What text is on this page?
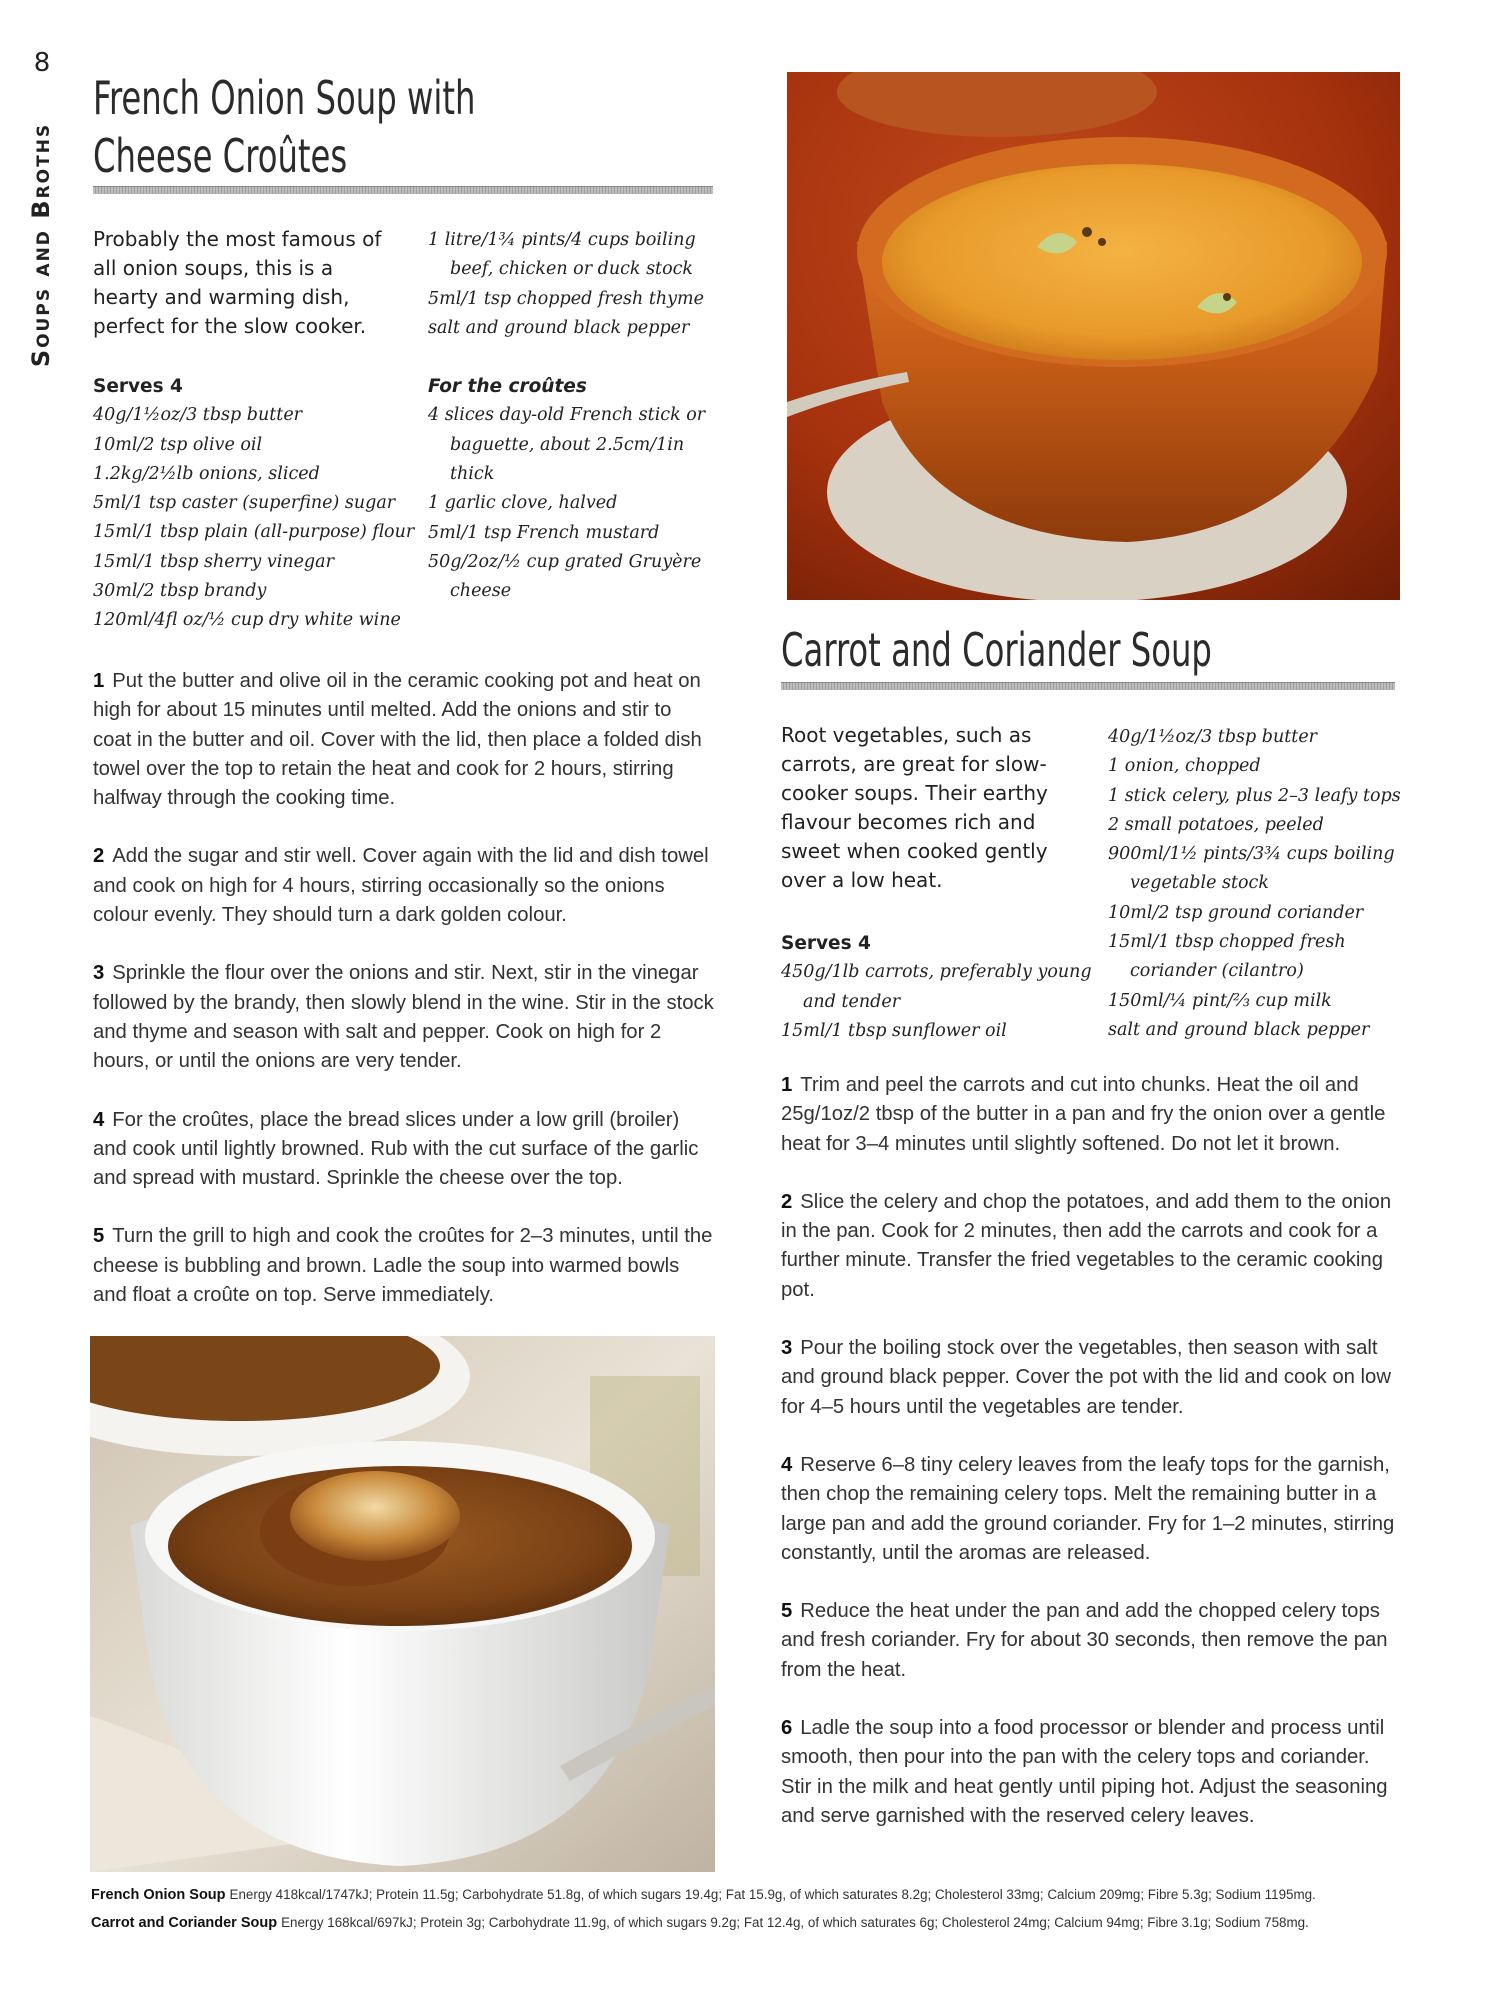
8
Soups and Broths
French Onion Soup with
Cheese Croûtes
Probably the most famous of all onion soups, this is a hearty and warming dish, perfect for the slow cooker.
Serves 4
40g/1½oz/3 tbsp butter
10ml/2 tsp olive oil
1.2kg/2½lb onions, sliced
5ml/1 tsp caster (superfine) sugar
15ml/1 tbsp plain (all-purpose) flour
15ml/1 tbsp sherry vinegar
30ml/2 tbsp brandy
120ml/4fl oz/½ cup dry white wine
1 litre/1¾ pints/4 cups boiling beef, chicken or duck stock
5ml/1 tsp chopped fresh thyme
salt and ground black pepper
For the croûtes
4 slices day-old French stick or baguette, about 2.5cm/1in thick
1 garlic clove, halved
5ml/1 tsp French mustard
50g/2oz/½ cup grated Gruyère cheese
1 Put the butter and olive oil in the ceramic cooking pot and heat on high for about 15 minutes until melted. Add the onions and stir to coat in the butter and oil. Cover with the lid, then place a folded dish towel over the top to retain the heat and cook for 2 hours, stirring halfway through the cooking time.
2 Add the sugar and stir well. Cover again with the lid and dish towel and cook on high for 4 hours, stirring occasionally so the onions colour evenly. They should turn a dark golden colour.
3 Sprinkle the flour over the onions and stir. Next, stir in the vinegar followed by the brandy, then slowly blend in the wine. Stir in the stock and thyme and season with salt and pepper. Cook on high for 2 hours, or until the onions are very tender.
4 For the croûtes, place the bread slices under a low grill (broiler) and cook until lightly browned. Rub with the cut surface of the garlic and spread with mustard. Sprinkle the cheese over the top.
5 Turn the grill to high and cook the croûtes for 2–3 minutes, until the cheese is bubbling and brown. Ladle the soup into warmed bowls and float a croûte on top. Serve immediately.
Carrot and Coriander Soup
Root vegetables, such as carrots, are great for slow-cooker soups. Their earthy flavour becomes rich and sweet when cooked gently over a low heat.
Serves 4
450g/1lb carrots, preferably young and tender
15ml/1 tbsp sunflower oil
40g/1½oz/3 tbsp butter
1 onion, chopped
1 stick celery, plus 2–3 leafy tops
2 small potatoes, peeled
900ml/1½ pints/3¾ cups boiling vegetable stock
10ml/2 tsp ground coriander
15ml/1 tbsp chopped fresh coriander (cilantro)
150ml/¼ pint/⅔ cup milk
salt and ground black pepper
1 Trim and peel the carrots and cut into chunks. Heat the oil and 25g/1oz/2 tbsp of the butter in a pan and fry the onion over a gentle heat for 3–4 minutes until slightly softened. Do not let it brown.
2 Slice the celery and chop the potatoes, and add them to the onion in the pan. Cook for 2 minutes, then add the carrots and cook for a further minute. Transfer the fried vegetables to the ceramic cooking pot.
3 Pour the boiling stock over the vegetables, then season with salt and ground black pepper. Cover the pot with the lid and cook on low for 4–5 hours until the vegetables are tender.
4 Reserve 6–8 tiny celery leaves from the leafy tops for the garnish, then chop the remaining celery tops. Melt the remaining butter in a large pan and add the ground coriander. Fry for 1–2 minutes, stirring constantly, until the aromas are released.
5 Reduce the heat under the pan and add the chopped celery tops and fresh coriander. Fry for about 30 seconds, then remove the pan from the heat.
6 Ladle the soup into a food processor or blender and process until smooth, then pour into the pan with the celery tops and coriander. Stir in the milk and heat gently until piping hot. Adjust the seasoning and serve garnished with the reserved celery leaves.
French Onion Soup Energy 418kcal/1747kJ; Protein 11.5g; Carbohydrate 51.8g, of which sugars 19.4g; Fat 15.9g, of which saturates 8.2g; Cholesterol 33mg; Calcium 209mg; Fibre 5.3g; Sodium 1195mg.
Carrot and Coriander Soup Energy 168kcal/697kJ; Protein 3g; Carbohydrate 11.9g, of which sugars 9.2g; Fat 12.4g, of which saturates 6g; Cholesterol 24mg; Calcium 94mg; Fibre 3.1g; Sodium 758mg.
